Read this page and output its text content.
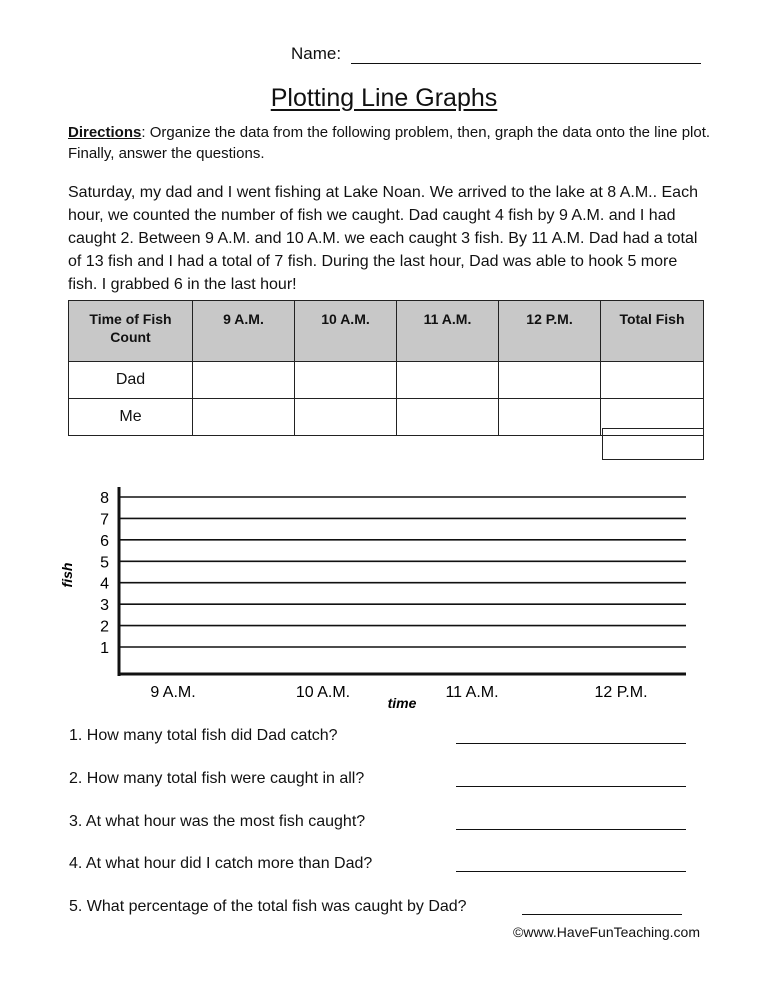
Name:
Plotting Line Graphs
Directions: Organize the data from the following problem, then, graph the data onto the line plot. Finally, answer the questions.
Saturday, my dad and I went fishing at Lake Noan. We arrived to the lake at 8 A.M.. Each hour, we counted the number of fish we caught. Dad caught 4 fish by 9 A.M. and I had caught 2. Between 9 A.M. and 10 A.M. we each caught 3 fish. By 11 A.M. Dad had a total of 13 fish and I had a total of 7 fish. During the last hour, Dad was able to hook 5 more fish. I grabbed 6 in the last hour!
Time of Fish Count	9 A.M.	10 A.M.	11 A.M.	12 P.M.	Total Fish
Dad					
Me					
1
2
3
4
5
6
7
8
9 A.M.	10 A.M.	11 A.M.	12 P.M.
fish
time
1. How many total fish did Dad catch?
2. How many total fish were caught in all?
3. At what hour was the most fish caught?
4. At what hour did I catch more than Dad?
5. What percentage of the total fish was caught by Dad?
©www.HaveFunTeaching.com
